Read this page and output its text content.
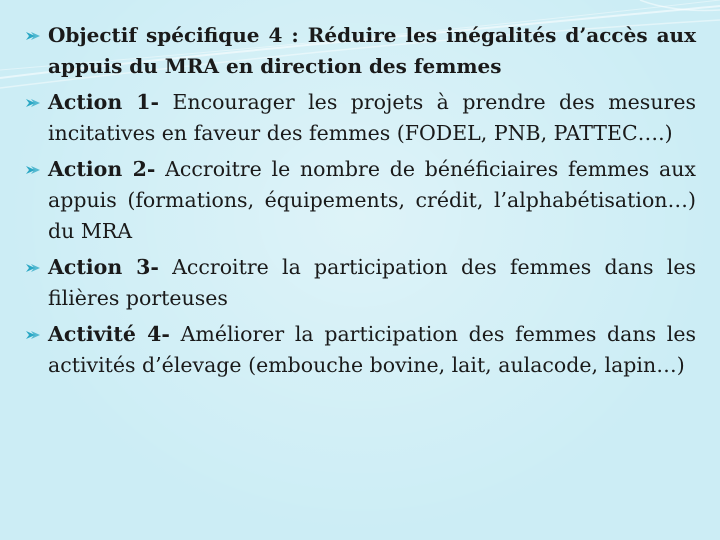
Objectif spécifique 4 : Réduire les inégalités d’accès aux appuis du MRA en direction des femmes
Action 1- Encourager les projets à prendre des mesures incitatives en faveur des femmes (FODEL, PNB, PATTEC….)
Action 2- Accroitre le nombre de bénéficiaires femmes aux appuis (formations, équipements, crédit, l’alphabétisation…) du MRA
Action 3- Accroitre la participation des femmes dans les filières porteuses
Activité 4- Améliorer la participation des femmes dans les activités d’élevage (embouche bovine, lait, aulacode, lapin…)
